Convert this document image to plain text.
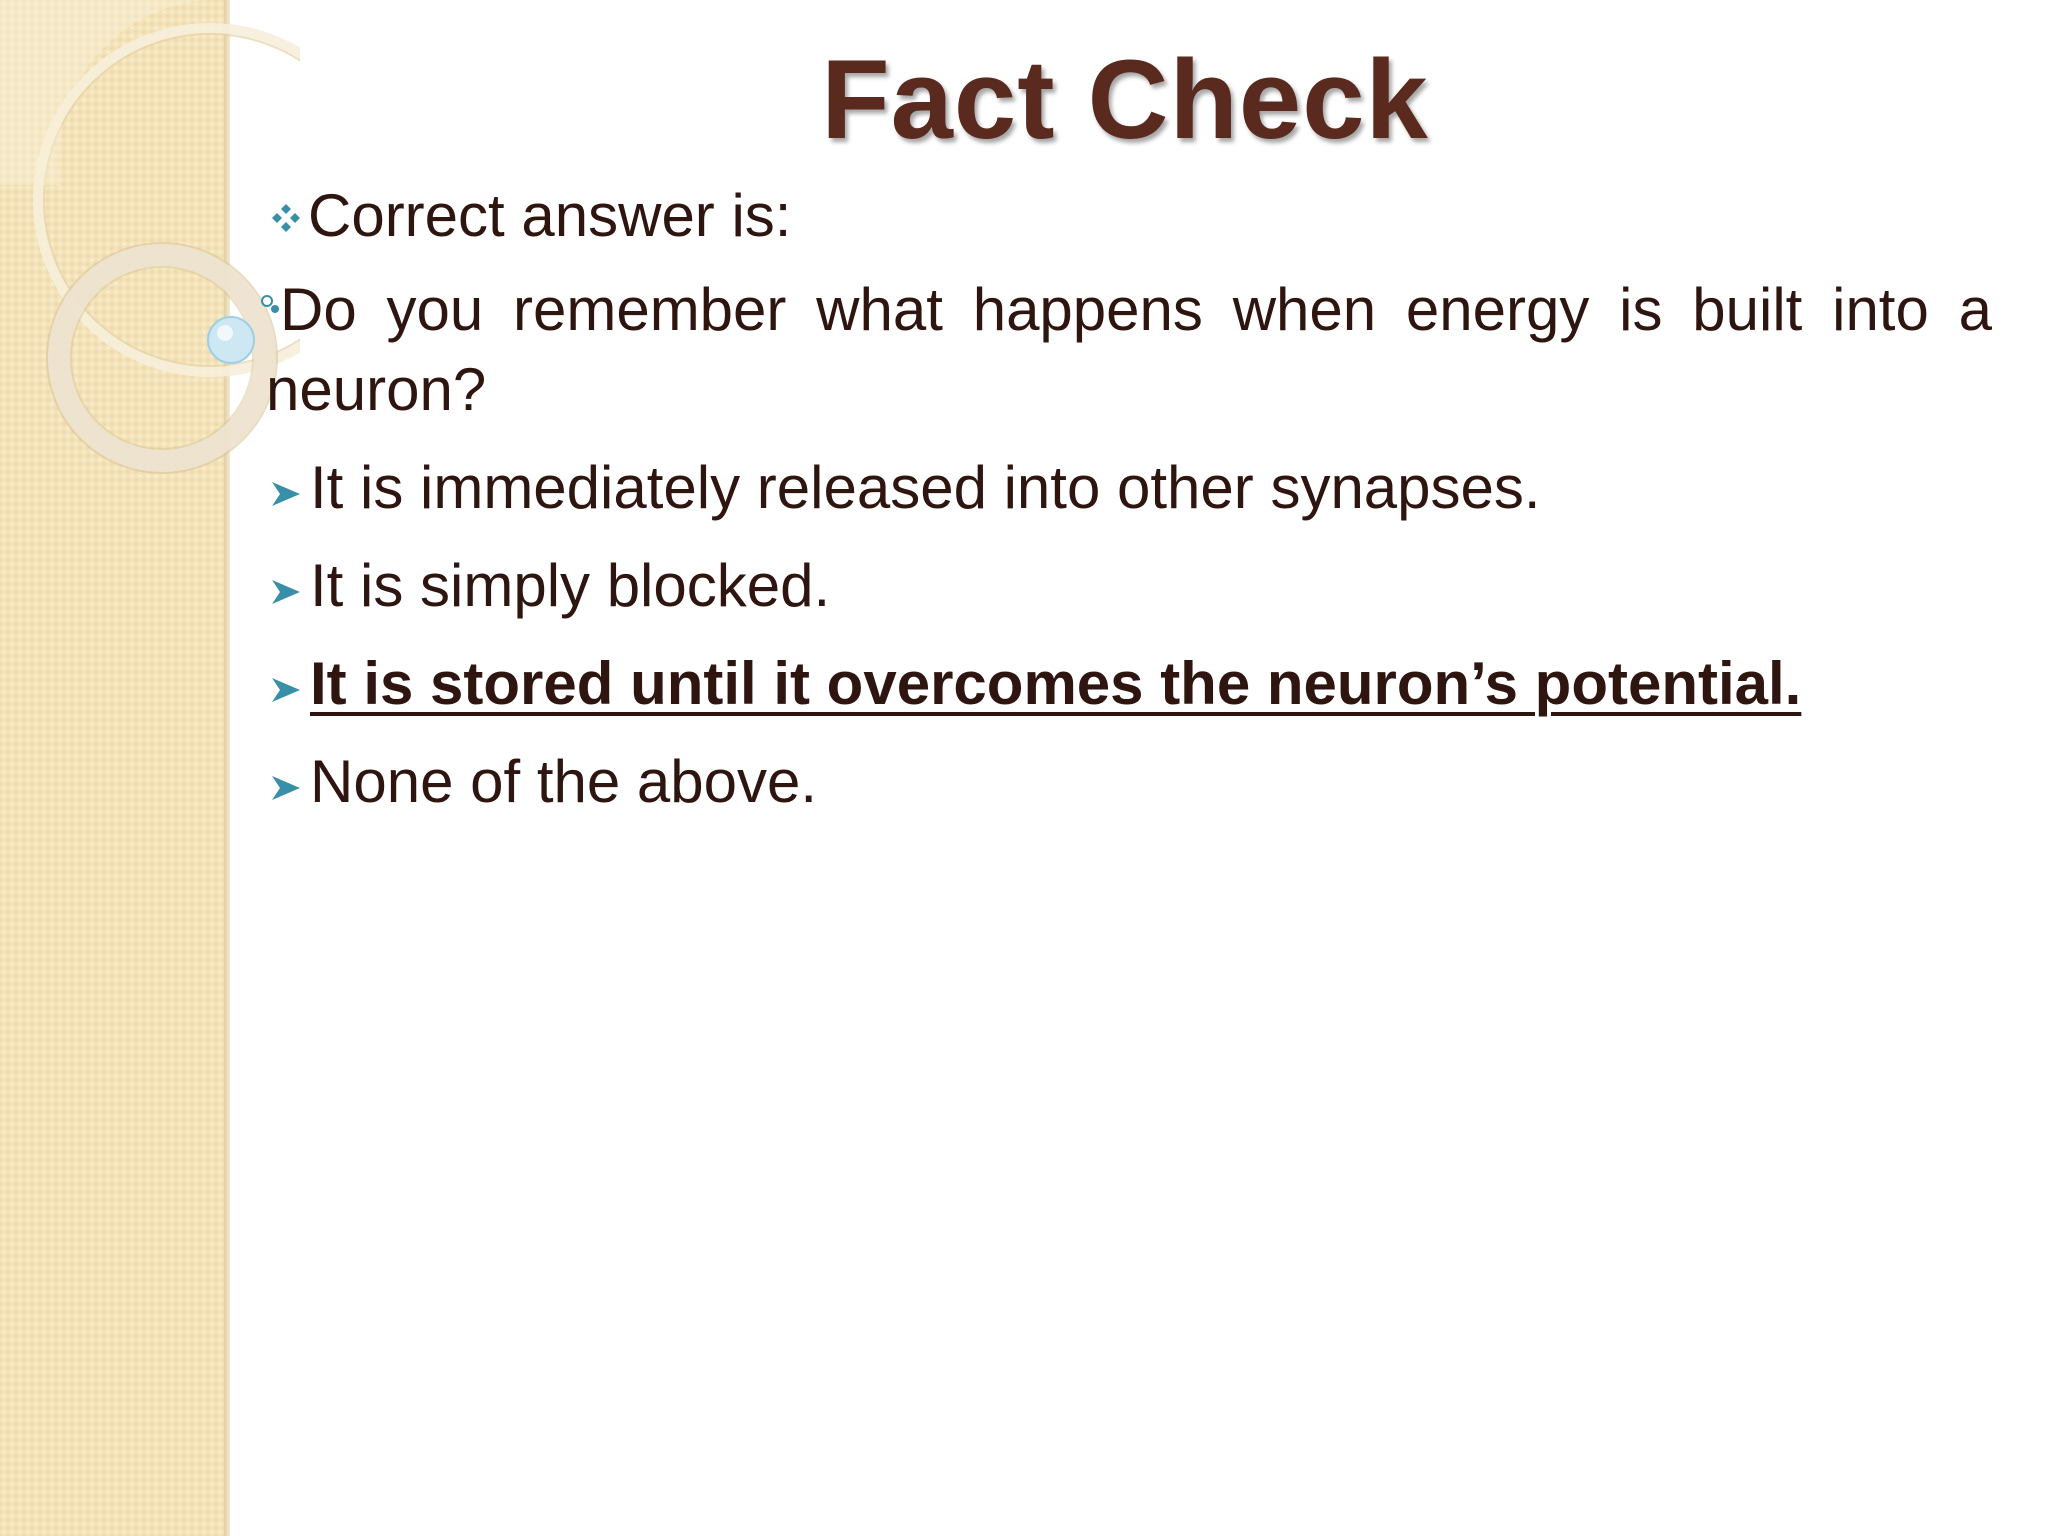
Fact Check

Correct answer is:

Do you remember what happens when energy is built into a neuron?

It is immediately released into other synapses.

It is simply blocked.

It is stored until it overcomes the neuron’s potential.

None of the above.
